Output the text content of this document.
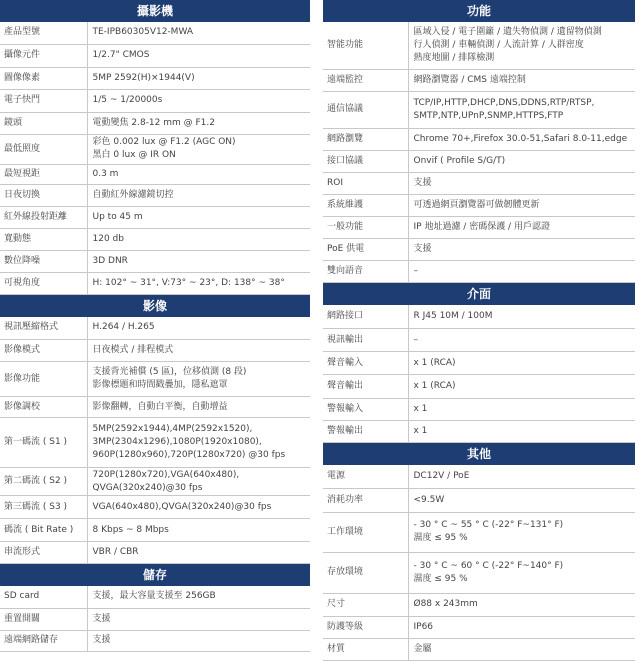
攝影機
產品型號	TE-IPB60305V12-MWA

攝像元件	1/2.7" CMOS

圖像像素	5MP 2592(H)×1944(V)

電子快門	1/5 ~ 1/20000s

鏡頭	電動變焦 2.8-12 mm @ F1.2

最低照度	彩色 0.002 lux @ F1.2 (AGC ON)
黑白 0 lux @ IR ON

最短視距	0.3 m

日夜切換	自動紅外線濾鏡切控

紅外線投射距離	Up to 45 m

寬動態	120 db

數位降噪	3D DNR

可視角度	H: 102° ~ 31°, V:73° ~ 23°, D: 138° ~ 38°
影像
視訊壓縮格式	H.264 / H.265

影像模式	日夜模式 / 排程模式

影像功能	支援背光補償 (5 區)，位移偵測 (8 段)
影像標題和時間戳疊加，隱私遮罩

影像調校	影像翻轉，自動白平衡，自動增益

第一碼流 ( S1 )	5MP(2592x1944),4MP(2592x1520),
3MP(2304x1296),1080P(1920x1080),
960P(1280x960),720P(1280x720) @30 fps

第二碼流 ( S2 )	720P(1280x720),VGA(640x480),
QVGA(320x240)@30 fps

第三碼流 ( S3 )	VGA(640x480),QVGA(320x240)@30 fps

碼流 ( Bit Rate )	8 Kbps ~ 8 Mbps

串流形式	VBR / CBR
儲存
SD card	支援，最大容量支援至 256GB

重置開關	支援

遠端網路儲存	支援
功能
智能功能	區域入侵 / 電子圍籬 / 遺失物偵測 / 遺留物偵測
行人偵測 / 車輛偵測 / 人流計算 / 人群密度
熱度地圖 / 排隊檢測

遠端監控	網路瀏覽器 / CMS 遠端控制

通信協議	TCP/IP,HTTP,DHCP,DNS,DDNS,RTP/RTSP,
SMTP,NTP,UPnP,SNMP,HTTPS,FTP

網路瀏覽	Chrome 70+,Firefox 30.0-51,Safari 8.0-11,edge

接口協議	Onvif ( Profile S/G/T)

ROI	支援

系統維護	可透過網頁瀏覽器可做韌體更新

一般功能	IP 地址過濾 / 密碼保護 / 用戶認證

PoE 供電	支援

雙向語音	–
介面
網路接口	R J45 10M / 100M

視訊輸出	–

聲音輸入	x 1 (RCA)

聲音輸出	x 1 (RCA)

警報輸入	x 1

警報輸出	x 1
其他
電源	DC12V / PoE

消耗功率	<9.5W

工作環境	- 30 ° C ~ 55 ° C (-22° F~131° F)
濕度 ≤ 95 %

存放環境	- 30 ° C ~ 60 ° C (-22° F~140° F)
濕度 ≤ 95 %

尺寸	Ø88 x 243mm

防護等級	IP66

材質	金屬
